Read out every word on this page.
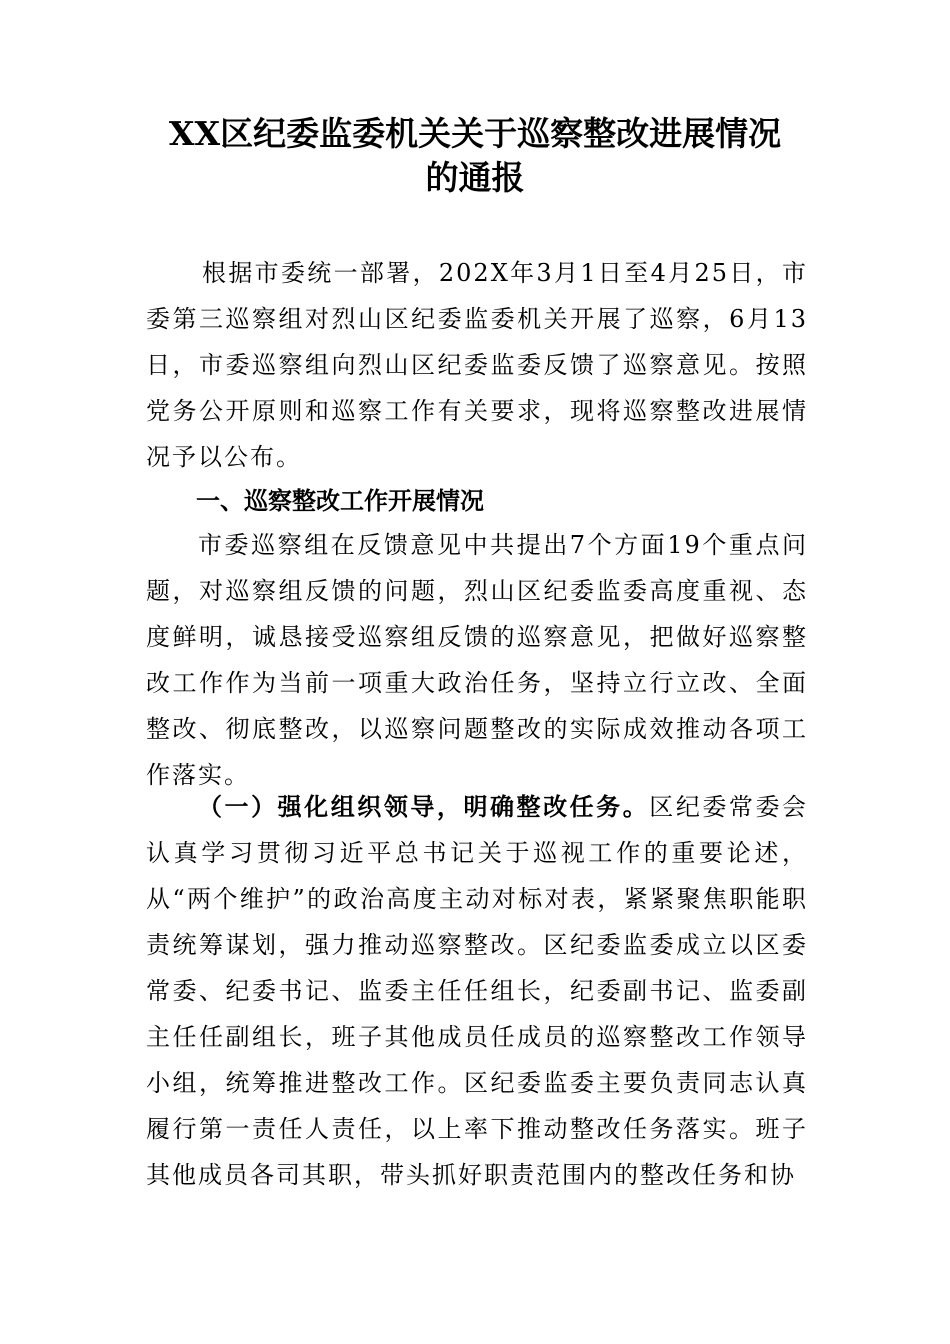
XX区纪委监委机关关于巡察整改进展情况
的通报

根据市委统一部署，202X年3月1日至4月25日，市委第三巡察组对烈山区纪委监委机关开展了巡察，6月13日，市委巡察组向烈山区纪委监委反馈了巡察意见。按照党务公开原则和巡察工作有关要求，现将巡察整改进展情况予以公布。

一、巡察整改工作开展情况

市委巡察组在反馈意见中共提出7个方面19个重点问题，对巡察组反馈的问题，烈山区纪委监委高度重视、态度鲜明，诚恳接受巡察组反馈的巡察意见，把做好巡察整改工作作为当前一项重大政治任务，坚持立行立改、全面整改、彻底整改，以巡察问题整改的实际成效推动各项工作落实。

（一）强化组织领导，明确整改任务。区纪委常委会认真学习贯彻习近平总书记关于巡视工作的重要论述，从“两个维护”的政治高度主动对标对表，紧紧聚焦职能职责统筹谋划，强力推动巡察整改。区纪委监委成立以区委常委、纪委书记、监委主任任组长，纪委副书记、监委副主任任副组长，班子其他成员任成员的巡察整改工作领导小组，统筹推进整改工作。区纪委监委主要负责同志认真履行第一责任人责任，以上率下推动整改任务落实。班子其他成员各司其职，带头抓好职责范围内的整改任务和协
